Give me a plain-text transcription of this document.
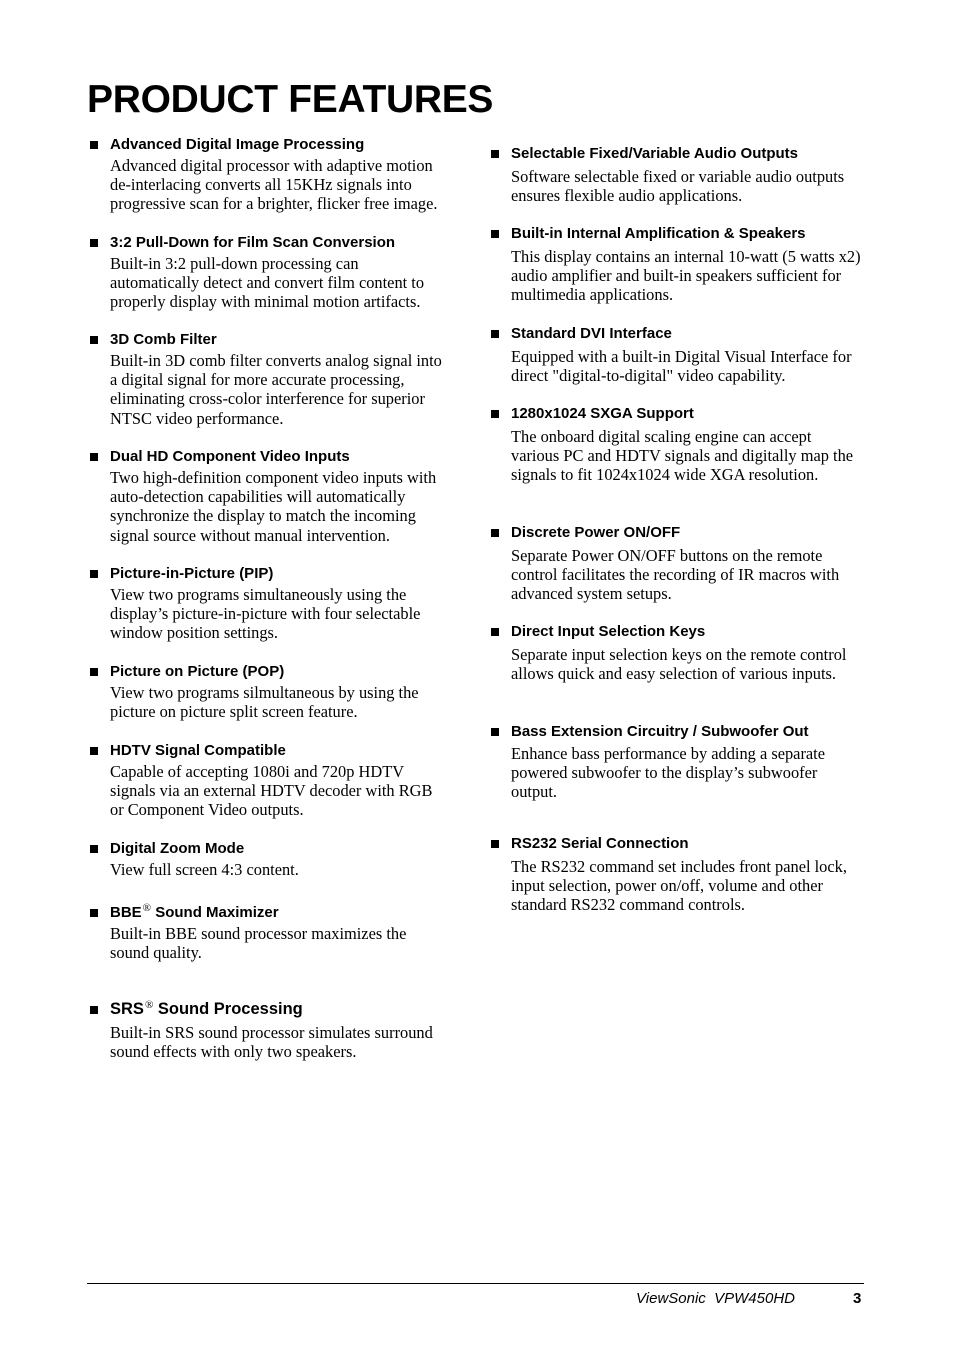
PRODUCT FEATURES
Advanced Digital Image Processing
Advanced digital processor with adaptive motion de-interlacing converts all 15KHz signals into progressive scan for a brighter, flicker free image.
3:2 Pull-Down for Film Scan Conversion
Built-in 3:2 pull-down processing can automatically detect and convert film content to properly display with minimal motion artifacts.
3D Comb Filter
Built-in 3D comb filter converts analog signal into a digital signal for more accurate processing, eliminating cross-color interference for superior NTSC video performance.
Dual HD Component Video Inputs
Two high-definition component video inputs with auto-detection capabilities will automatically synchronize the display to match the incoming signal source without manual intervention.
Picture-in-Picture (PIP)
View two programs simultaneously using the display’s picture-in-picture with four selectable window position settings.
Picture on Picture (POP)
View two programs silmultaneous by using the picture on picture split screen feature.
HDTV Signal Compatible
Capable of accepting 1080i and 720p HDTV signals via an external HDTV decoder with RGB or Component Video outputs.
Digital Zoom Mode
View full screen 4:3 content.
BBE® Sound Maximizer
Built-in BBE sound processor maximizes the sound quality.
SRS® Sound Processing
Built-in SRS sound processor simulates surround sound effects with only two speakers.
Selectable Fixed/Variable Audio Outputs
Software selectable fixed or variable audio outputs ensures flexible audio applications.
Built-in Internal Amplification & Speakers
This display contains an internal 10-watt (5 watts x2) audio amplifier and built-in speakers sufficient for multimedia applications.
Standard DVI Interface
Equipped with a built-in Digital Visual Interface for direct "digital-to-digital" video capability.
1280x1024 SXGA Support
The onboard digital scaling engine can accept various PC and HDTV signals and digitally map the signals to fit 1024x1024 wide XGA resolution.
Discrete Power ON/OFF
Separate Power ON/OFF buttons on the remote control facilitates the recording of IR macros with advanced system setups.
Direct Input Selection Keys
Separate input selection keys on the remote control allows quick and easy selection of various inputs.
Bass Extension Circuitry / Subwoofer Out
Enhance bass performance by adding a separate powered subwoofer to the display’s subwoofer output.
RS232 Serial Connection
The RS232 command set includes front panel lock, input selection, power on/off, volume and other standard RS232 command controls.
ViewSonic  VPW450HD	3
